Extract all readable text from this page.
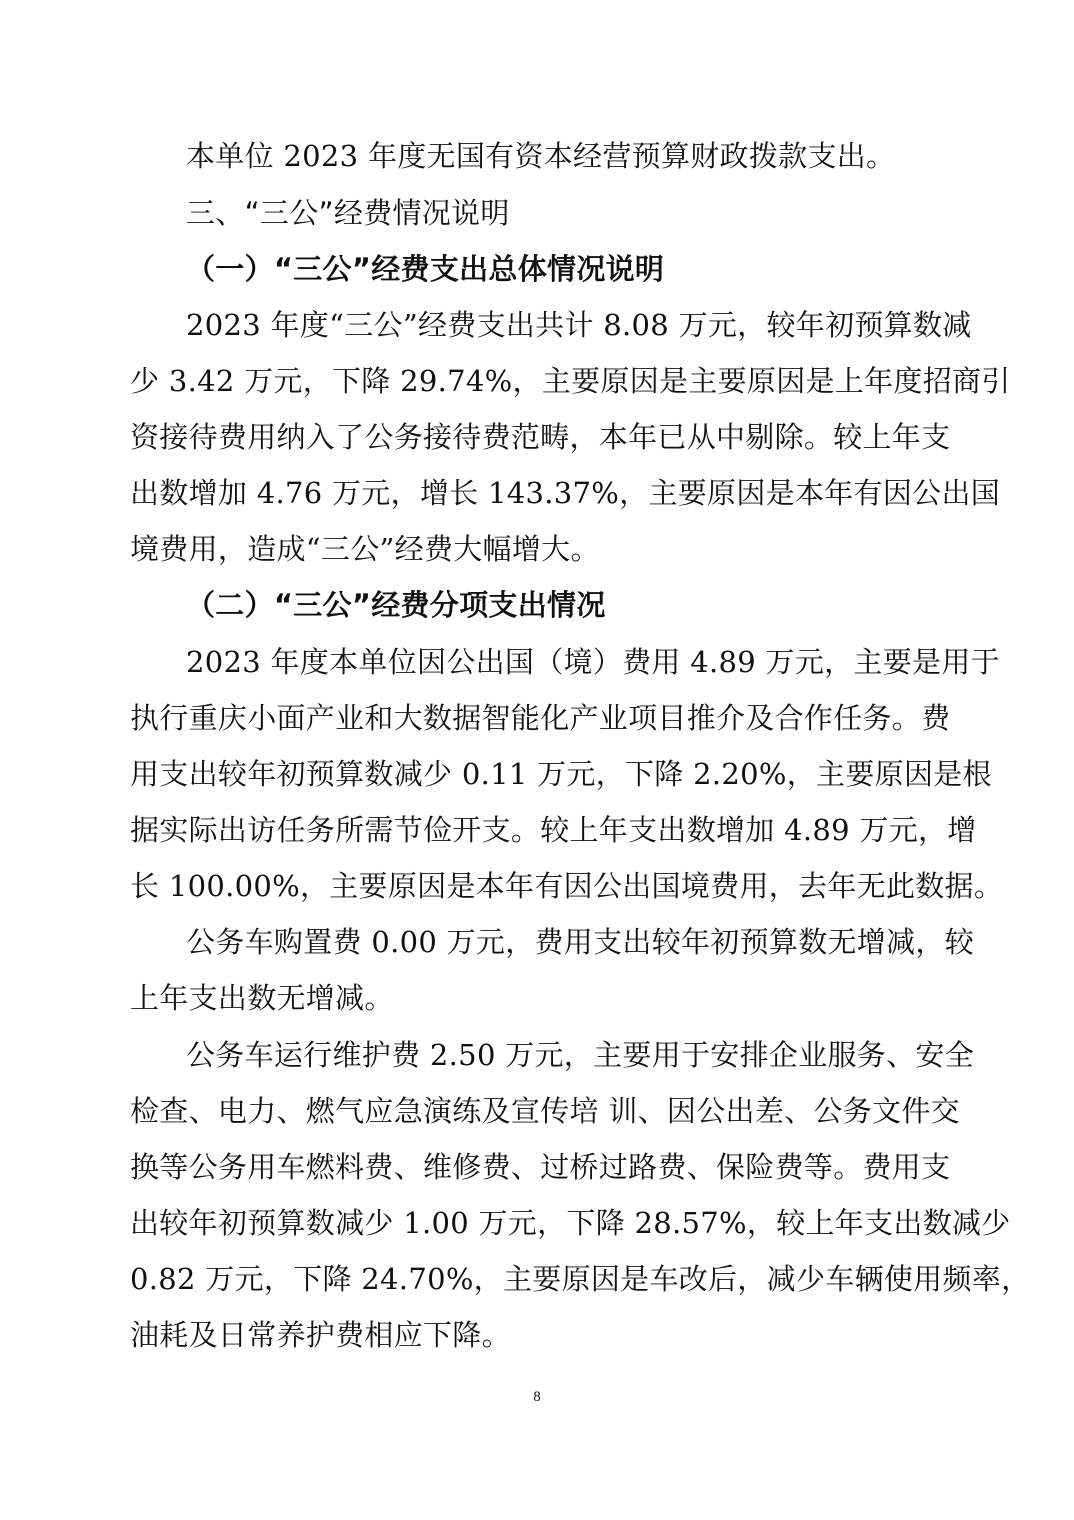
本单位 2023 年度无国有资本经营预算财政拨款支出。
三、“三公”经费情况说明
（一）“三公”经费支出总体情况说明
2023 年度“三公”经费支出共计 8.08 万元，较年初预算数减
少 3.42 万元，下降 29.74%，主要原因是主要原因是上年度招商引
资接待费用纳入了公务接待费范畴，本年已从中剔除。较上年支
出数增加 4.76 万元，增长 143.37%，主要原因是本年有因公出国
境费用，造成“三公”经费大幅增大。
（二）“三公”经费分项支出情况
2023 年度本单位因公出国（境）费用 4.89 万元，主要是用于
执行重庆小面产业和大数据智能化产业项目推介及合作任务。费
用支出较年初预算数减少 0.11 万元，下降 2.20%，主要原因是根
据实际出访任务所需节俭开支。较上年支出数增加 4.89 万元，增
长 100.00%，主要原因是本年有因公出国境费用，去年无此数据。
公务车购置费 0.00 万元，费用支出较年初预算数无增减，较
上年支出数无增减。
公务车运行维护费 2.50 万元，主要用于安排企业服务、安全
检查、电力、燃气应急演练及宣传培 训、因公出差、公务文件交
换等公务用车燃料费、维修费、过桥过路费、保险费等。费用支
出较年初预算数减少 1.00 万元，下降 28.57%，较上年支出数减少
0.82 万元，下降 24.70%，主要原因是车改后，减少车辆使用频率，
油耗及日常养护费相应下降。
8
